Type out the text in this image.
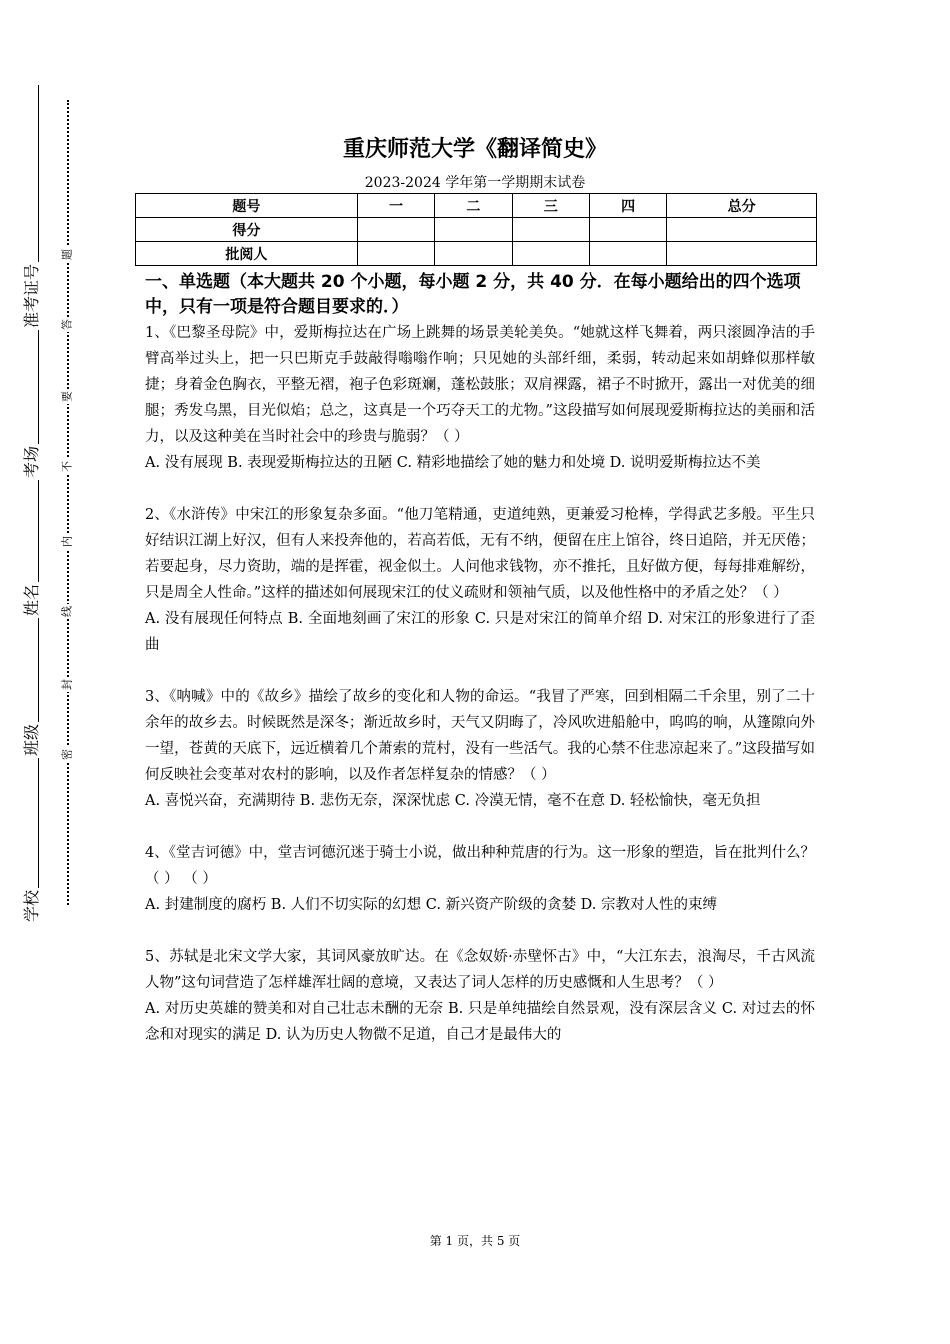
准考证号
考场
姓名
班级
学校
题
答
要
不
内
线
封
密
重庆师范大学《翻译简史》
2023-2024 学年第一学期期末试卷
题号	一	二	三	四	总分
得分					
批阅人					
一、单选题（本大题共 20 个小题，每小题 2 分，共 40 分．在每小题给出的四个选项中，只有一项是符合题目要求的．）

1、《巴黎圣母院》中，爱斯梅拉达在广场上跳舞的场景美轮美奂。“她就这样飞舞着，两只滚圆净洁的手臂高举过头上，把一只巴斯克手鼓敲得嗡嗡作响；只见她的头部纤细，柔弱，转动起来如胡蜂似那样敏捷；身着金色胸衣，平整无褶，袍子色彩斑斓，蓬松鼓胀；双肩裸露，裙子不时掀开，露出一对优美的细腿；秀发乌黑，目光似焰；总之，这真是一个巧夺天工的尤物。”这段描写如何展现爱斯梅拉达的美丽和活力，以及这种美在当时社会中的珍贵与脆弱？（ ）

A. 没有展现 B. 表现爱斯梅拉达的丑陋 C. 精彩地描绘了她的魅力和处境 D. 说明爱斯梅拉达不美

2、《水浒传》中宋江的形象复杂多面。“他刀笔精通，吏道纯熟，更兼爱习枪棒，学得武艺多般。平生只好结识江湖上好汉，但有人来投奔他的，若高若低，无有不纳，便留在庄上馆谷，终日追陪，并无厌倦；若要起身，尽力资助，端的是挥霍，视金似土。人问他求钱物，亦不推托，且好做方便，每每排难解纷，只是周全人性命。”这样的描述如何展现宋江的仗义疏财和领袖气质，以及他性格中的矛盾之处？（ ）

A. 没有展现任何特点 B. 全面地刻画了宋江的形象 C. 只是对宋江的简单介绍 D. 对宋江的形象进行了歪曲

3、《呐喊》中的《故乡》描绘了故乡的变化和人物的命运。“我冒了严寒，回到相隔二千余里，别了二十余年的故乡去。时候既然是深冬；渐近故乡时，天气又阴晦了，冷风吹进船舱中，呜呜的响，从篷隙向外一望，苍黄的天底下，远近横着几个萧索的荒村，没有一些活气。我的心禁不住悲凉起来了。”这段描写如何反映社会变革对农村的影响，以及作者怎样复杂的情感？（ ）

A. 喜悦兴奋，充满期待 B. 悲伤无奈，深深忧虑 C. 冷漠无情，毫不在意 D. 轻松愉快，毫无负担

4、《堂吉诃德》中，堂吉诃德沉迷于骑士小说，做出种种荒唐的行为。这一形象的塑造，旨在批判什么？（ ） （ ）

A. 封建制度的腐朽 B. 人们不切实际的幻想 C. 新兴资产阶级的贪婪 D. 宗教对人性的束缚

5、苏轼是北宋文学大家，其词风豪放旷达。在《念奴娇·赤壁怀古》中，“大江东去，浪淘尽，千古风流人物”这句词营造了怎样雄浑壮阔的意境，又表达了词人怎样的历史感慨和人生思考？（ ）

A. 对历史英雄的赞美和对自己壮志未酬的无奈 B. 只是单纯描绘自然景观，没有深层含义 C. 对过去的怀念和对现实的满足 D. 认为历史人物微不足道，自己才是最伟大的

第 1 页，共 5 页
